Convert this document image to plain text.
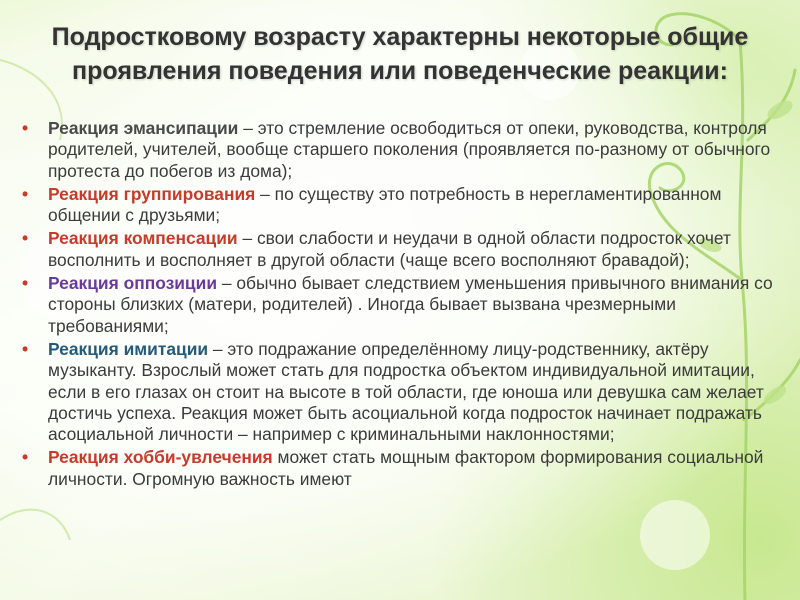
Подростковому возрасту характерны некоторые общие проявления поведения или поведенческие реакции:
• Реакция эмансипации – это стремление освободиться от опеки, руководства, контроля родителей, учителей, вообще старшего поколения (проявляется по-разному от обычного протеста до побегов из дома);
• Реакция группирования – по существу это потребность в нерегламентированном общении с друзьями;
• Реакция компенсации – свои слабости и неудачи в одной области подросток хочет восполнить и восполняет в другой области (чаще всего восполняют бравадой);
• Реакция оппозиции – обычно бывает следствием уменьшения привычного внимания со стороны близких (матери, родителей) . Иногда бывает вызвана чрезмерными требованиями;
• Реакция имитации – это подражание определённому лицу-родственнику, актёру музыканту. Взрослый может стать для подростка объектом индивидуальной имитации, если в его глазах он стоит на высоте в той области, где юноша или девушка сам желает достичь успеха. Реакция может быть асоциальной когда подросток начинает подражать асоциальной личности – например с криминальными наклонностями;
• Реакция хобби-увлечения может стать мощным фактором формирования социальной личности. Огромную важность имеют
